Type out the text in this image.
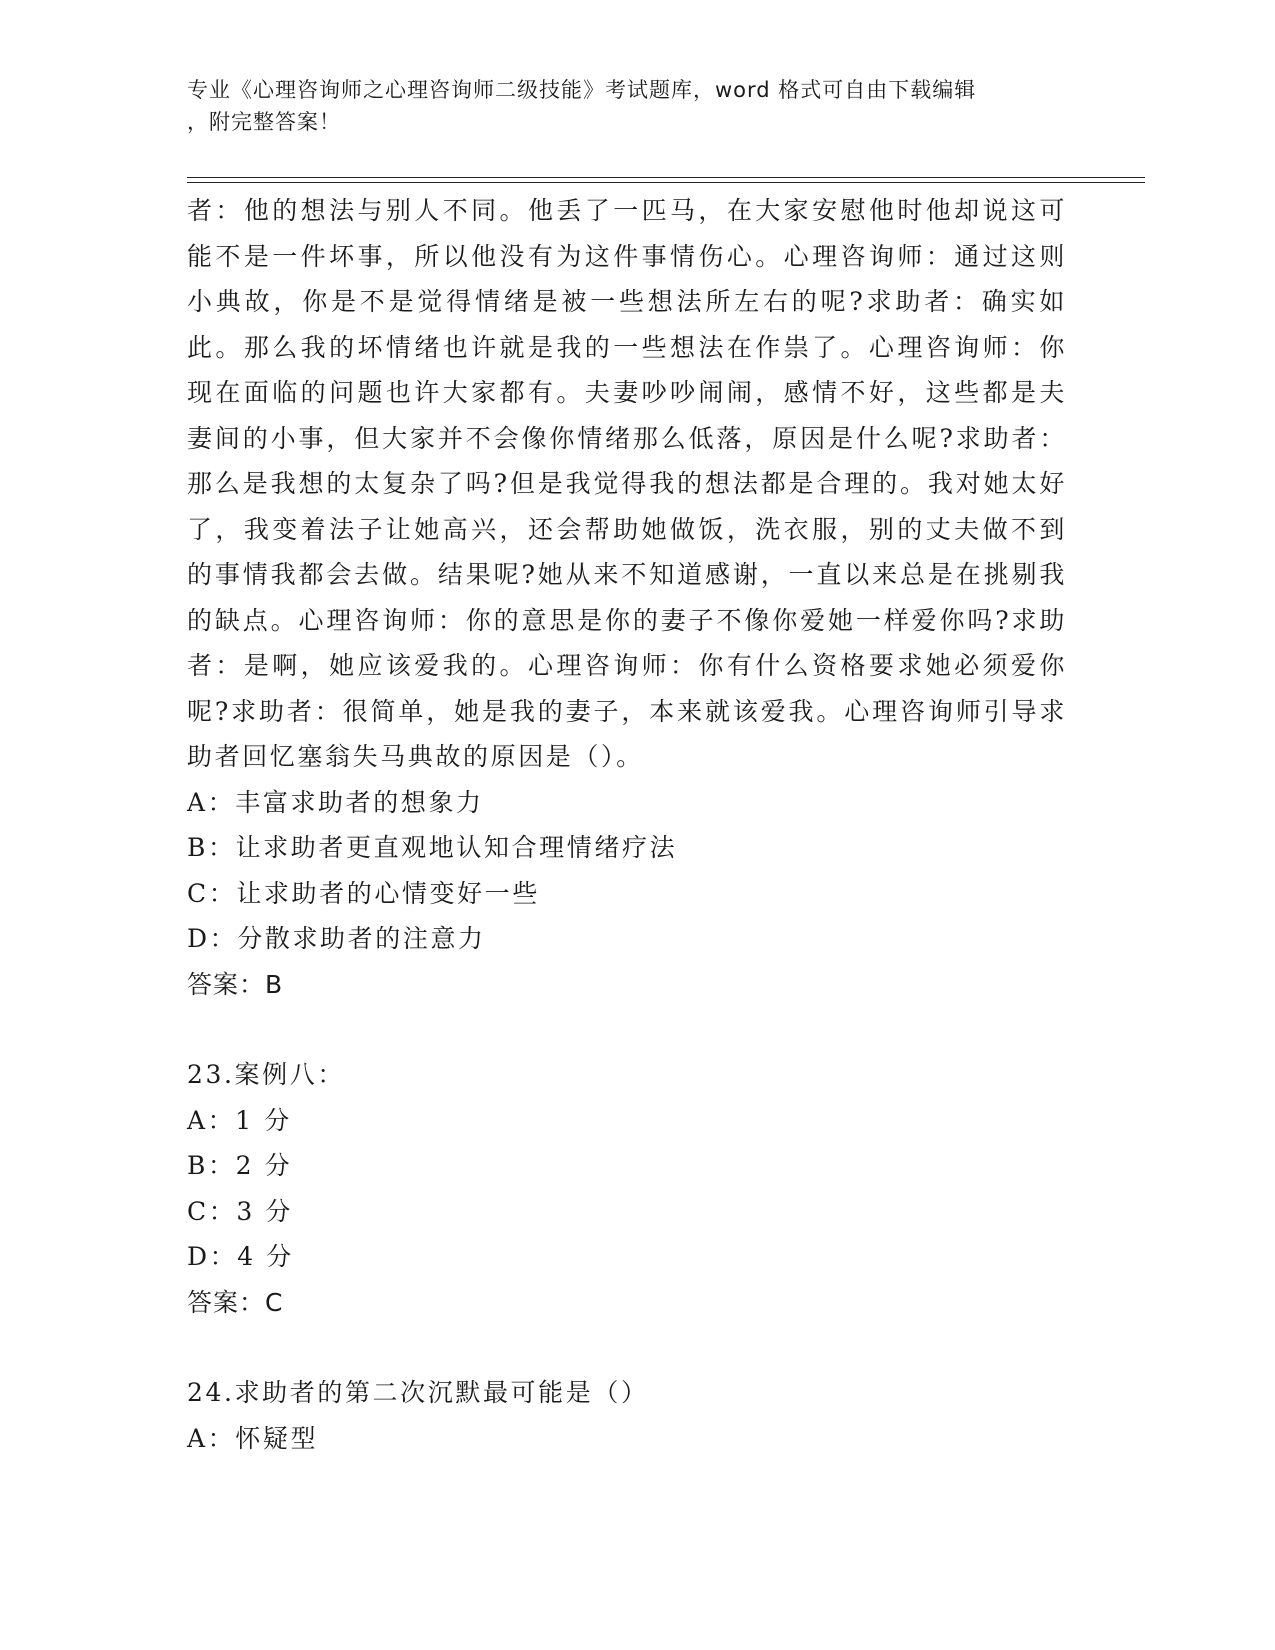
专业《心理咨询师之心理咨询师二级技能》考试题库，word 格式可自由下载编辑
，附完整答案！

者：他的想法与别人不同。他丢了一匹马，在大家安慰他时他却说这可能不是一件坏事，所以他没有为这件事情伤心。心理咨询师：通过这则小典故，你是不是觉得情绪是被一些想法所左右的呢?求助者：确实如此。那么我的坏情绪也许就是我的一些想法在作祟了。心理咨询师：你现在面临的问题也许大家都有。夫妻吵吵闹闹，感情不好，这些都是夫妻间的小事，但大家并不会像你情绪那么低落，原因是什么呢?求助者：那么是我想的太复杂了吗?但是我觉得我的想法都是合理的。我对她太好了，我变着法子让她高兴，还会帮助她做饭，洗衣服，别的丈夫做不到的事情我都会去做。结果呢?她从来不知道感谢，一直以来总是在挑剔我的缺点。心理咨询师：你的意思是你的妻子不像你爱她一样爱你吗?求助者：是啊，她应该爱我的。心理咨询师：你有什么资格要求她必须爱你呢?求助者：很简单，她是我的妻子，本来就该爱我。心理咨询师引导求助者回忆塞翁失马典故的原因是（）。

A：丰富求助者的想象力

B：让求助者更直观地认知合理情绪疗法

C：让求助者的心情变好一些

D：分散求助者的注意力

答案：B

23.案例八：

A：1 分

B：2 分

C：3 分

D：4 分

答案：C

24.求助者的第二次沉默最可能是（）

A：怀疑型
